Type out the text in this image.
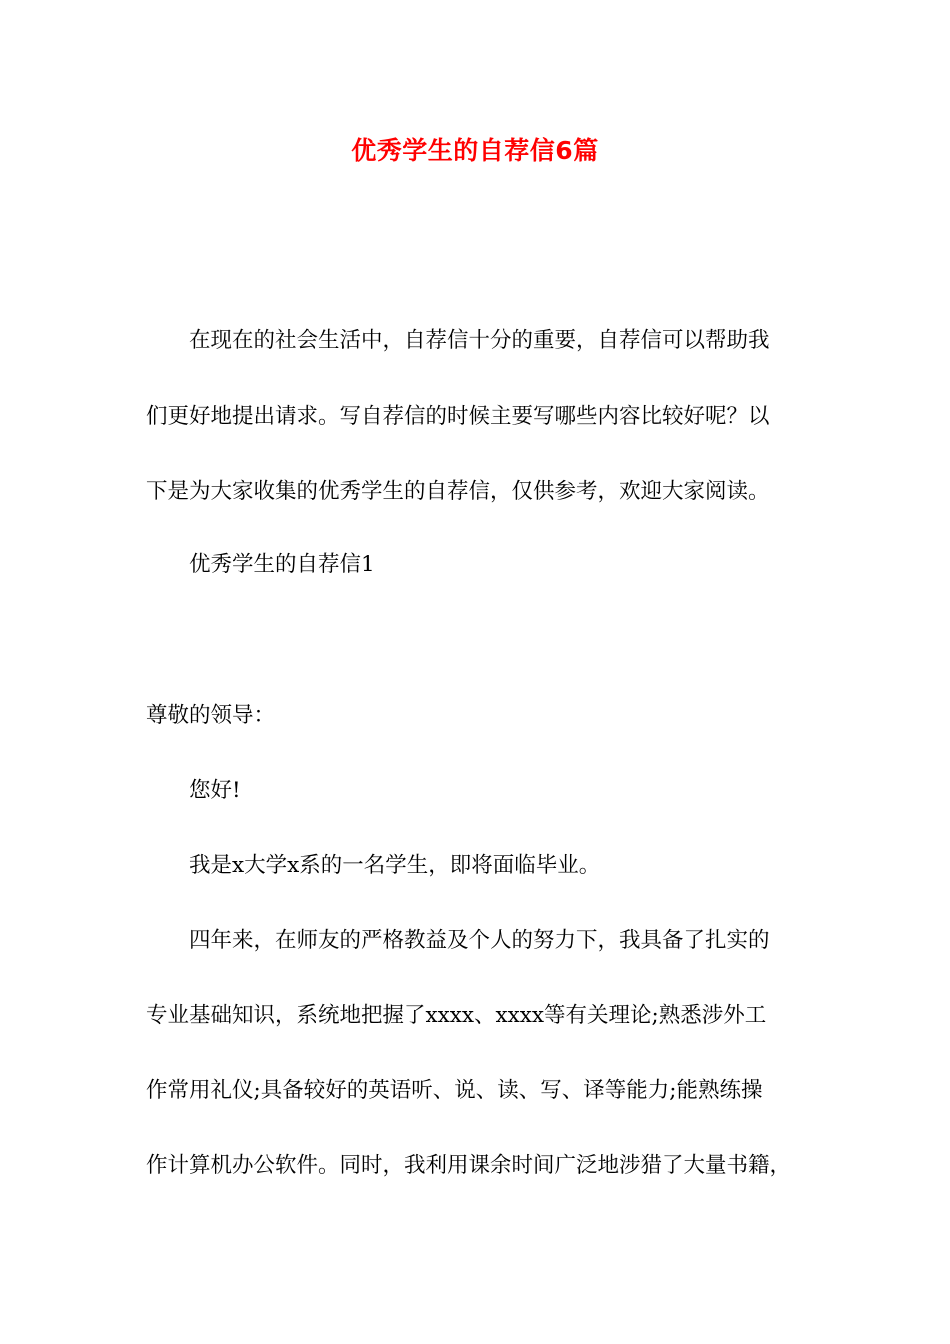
优秀学生的自荐信6篇
在现在的社会生活中，自荐信十分的重要，自荐信可以帮助我
们更好地提出请求。写自荐信的时候主要写哪些内容比较好呢？以
下是为大家收集的优秀学生的自荐信，仅供参考，欢迎大家阅读。
优秀学生的自荐信1
尊敬的领导：
您好!
我是x大学x系的一名学生，即将面临毕业。
四年来，在师友的严格教益及个人的努力下，我具备了扎实的
专业基础知识，系统地把握了xxxx、xxxx等有关理论;熟悉涉外工
作常用礼仪;具备较好的英语听、说、读、写、译等能力;能熟练操
作计算机办公软件。同时，我利用课余时间广泛地涉猎了大量书籍，
